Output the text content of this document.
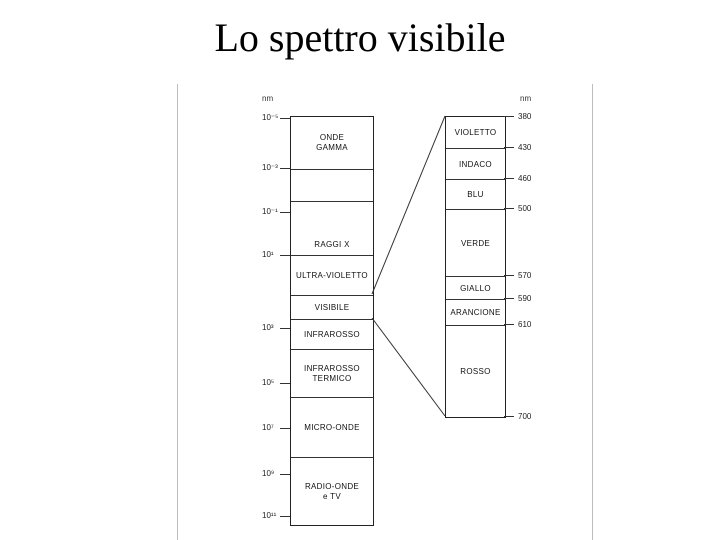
Lo spettro visibile
nm
ONDE
GAMMA
RAGGI X
ULTRA-VIOLETTO
VISIBILE
INFRAROSSO
INFRAROSSO
TERMICO
MICRO-ONDE
RADIO-ONDE
e TV
10⁻⁵
10⁻³
10⁻¹
10¹
10³
10⁵
10⁷
10⁹
10¹¹
nm
VIOLETTO
INDACO
BLU
VERDE
GIALLO
ARANCIONE
ROSSO
380
430
460
500
570
590
610
700
